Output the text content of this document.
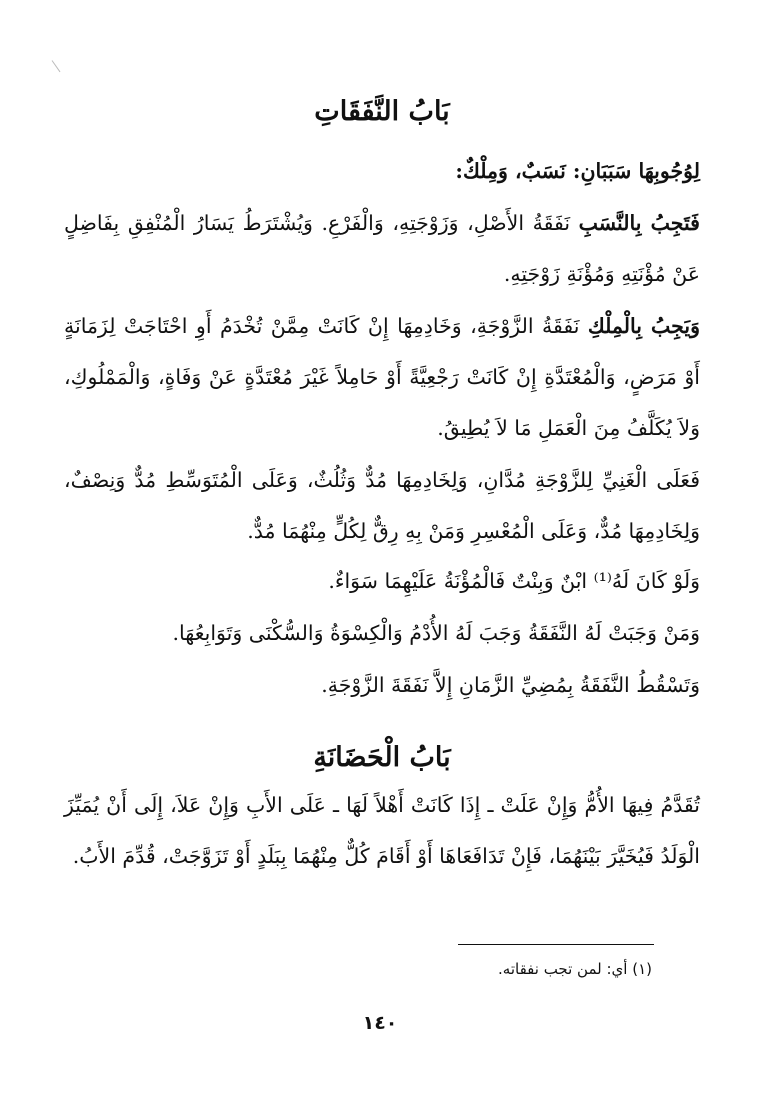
بَابُ النَّفَقَاتِ

لِوُجُوبِهَا سَبَبَانِ: نَسَبٌ، وَمِلْكٌ:

فَتَجِبُ بِالنَّسَبِ نَفَقَةُ الأَصْلِ، وَزَوْجَتِهِ، وَالْفَرْعِ. وَيُشْتَرَطُ يَسَارُ الْمُنْفِقِ بِفَاضِلٍ عَنْ مُؤْنَتِهِ وَمُؤْنَةِ زَوْجَتِهِ.

وَيَجِبُ بِالْمِلْكِ نَفَقَةُ الزَّوْجَةِ، وَخَادِمِهَا إِنْ كَانَتْ مِمَّنْ تُخْدَمُ أَوِ احْتَاجَتْ لِزَمَانَةٍ أَوْ مَرَضٍ، وَالْمُعْتَدَّةِ إِنْ كَانَتْ رَجْعِيَّةً أَوْ حَامِلاً غَيْرَ مُعْتَدَّةٍ عَنْ وَفَاةٍ، وَالْمَمْلُوكِ، وَلاَ يُكَلَّفُ مِنَ الْعَمَلِ مَا لاَ يُطِيقُ.

فَعَلَى الْغَنِيِّ لِلزَّوْجَةِ مُدَّانِ، وَلِخَادِمِهَا مُدٌّ وَثُلُثٌ، وَعَلَى الْمُتَوَسِّطِ مُدٌّ وَنِصْفٌ، وَلِخَادِمِهَا مُدٌّ، وَعَلَى الْمُعْسِرِ وَمَنْ بِهِ رِقٌّ لِكُلٍّ مِنْهُمَا مُدٌّ.

وَلَوْ كَانَ لَهُ⁽¹⁾ ابْنٌ وَبِنْتٌ فَالْمُؤْنَةُ عَلَيْهِمَا سَوَاءٌ.

وَمَنْ وَجَبَتْ لَهُ النَّفَقَةُ وَجَبَ لَهُ الأُدْمُ وَالْكِسْوَةُ وَالسُّكْنَى وَتَوَابِعُهَا.

وَتَسْقُطُ النَّفَقَةُ بِمُضِيِّ الزَّمَانِ إِلاَّ نَفَقَةَ الزَّوْجَةِ.

بَابُ الْحَضَانَةِ

تُقَدَّمُ فِيهَا الأُمُّ وَإِنْ عَلَتْ ـ إِذَا كَانَتْ أَهْلاً لَهَا ـ عَلَى الأَبِ وَإِنْ عَلاَ، إِلَى أَنْ يُمَيِّزَ الْوَلَدُ فَيُخَيَّرَ بَيْنَهُمَا، فَإِنْ تَدَافَعَاهَا أَوْ أَقَامَ كُلٌّ مِنْهُمَا بِبَلَدٍ أَوْ تَزَوَّجَتْ، قُدِّمَ الأَبُ.

(١) أي: لمن تجب نفقاته.
١٤٠
